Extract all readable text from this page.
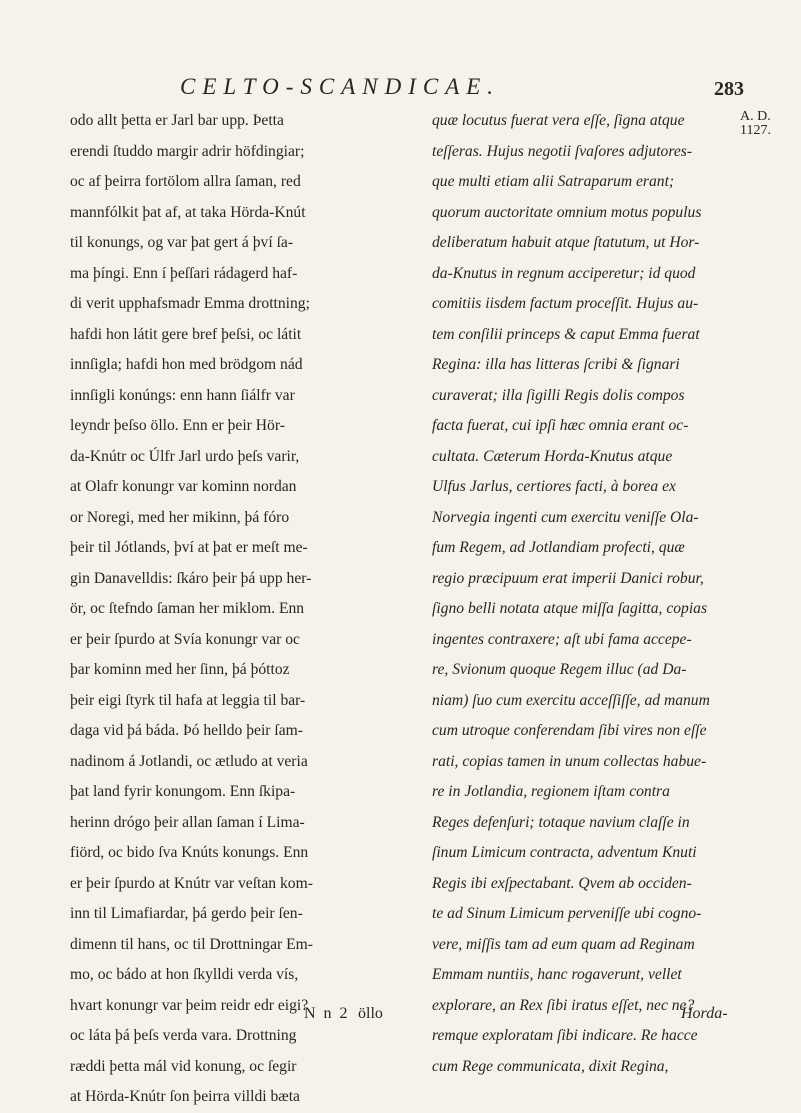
CELTO-SCANDICAE.	283
A. D.
1127.
odo allt þetta er Jarl bar upp. Þetta
erendi ſtuddo margir adrir höfdingiar;
oc af þeirra fortölom allra ſaman, red
mannfólkit þat af, at taka Hörda-Knút
til konungs, og var þat gert á því ſa-
ma þíngi. Enn í þeſſari rádagerd haf-
di verit upphafsmadr Emma drottning;
hafdi hon látit gere bref þeſsi, oc látit
innſigla; hafdi hon med brödgom nád
innſigli konúngs: enn hann ſiálfr var
leyndr þeſso öllo. Enn er þeir Hör-
da-Knútr oc Úlfr Jarl urdo þeſs varir,
at Olafr konungr var kominn nordan
or Noregi, med her mikinn, þá fóro
þeir til Jótlands, því at þat er meſt me-
gin Danavelldis: ſkáro þeir þá upp her-
ör, oc ſtefndo ſaman her miklom. Enn
er þeir ſpurdo at Svía konungr var oc
þar kominn med her ſinn, þá þóttoz
þeir eigi ſtyrk til hafa at leggia til bar-
daga vid þá báda. Þó helldo þeir ſam-
nadinom á Jotlandi, oc ætludo at veria
þat land fyrir konungom. Enn ſkipa-
herinn drógo þeir allan ſaman í Lima-
fiörd, oc bido ſva Knúts konungs. Enn
er þeir ſpurdo at Knútr var veſtan kom-
inn til Limafiardar, þá gerdo þeir ſen-
dimenn til hans, oc til Drottningar Em-
mo, oc bádo at hon ſkylldi verda vís,
hvart konungr var þeim reidr edr eigi?
oc láta þá þeſs verda vara. Drottning
ræddi þetta mál vid konung, oc ſegir
at Hörda-Knútr ſon þeirra villdi bæta
quæ locutus fuerat vera eſſe, ſigna atque
teſſeras. Hujus negotii ſvaſores adjutores-
que multi etiam alii Satraparum erant;
quorum auctoritate omnium motus populus
deliberatum habuit atque ſtatutum, ut Hor-
da-Knutus in regnum acciperetur; id quod
comitiis iisdem factum proceſſit. Hujus au-
tem conſilii princeps & caput Emma fuerat
Regina: illa has litteras ſcribi & ſignari
curaverat; illa ſigilli Regis dolis compos
facta fuerat, cui ipſi hæc omnia erant oc-
cultata. Cæterum Horda-Knutus atque
Ulfus Jarlus, certiores facti, à borea ex
Norvegia ingenti cum exercitu veniſſe Ola-
fum Regem, ad Jotlandiam profecti, quæ
regio præcipuum erat imperii Danici robur,
ſigno belli notata atque miſſa ſagitta, copias
ingentes contraxere; aſt ubi fama accepe-
re, Svionum quoque Regem illuc (ad Da-
niam) ſuo cum exercitu acceſſiſſe, ad manum
cum utroque conferendam ſibi vires non eſſe
rati, copias tamen in unum collectas habue-
re in Jotlandia, regionem iſtam contra
Reges defenſuri; totaque navium claſſe in
ſinum Limicum contracta, adventum Knuti
Regis ibi exſpectabant. Qvem ab occiden-
te ad Sinum Limicum perveniſſe ubi cogno-
vere, miſſis tam ad eum quam ad Reginam
Emmam nuntiis, hanc rogaverunt, vellet
explorare, an Rex ſibi iratus eſſet, nec ne?
remque exploratam ſibi indicare. Re hacce
cum Rege communicata, dixit Regina,
N n 2 öllo	Horda-
